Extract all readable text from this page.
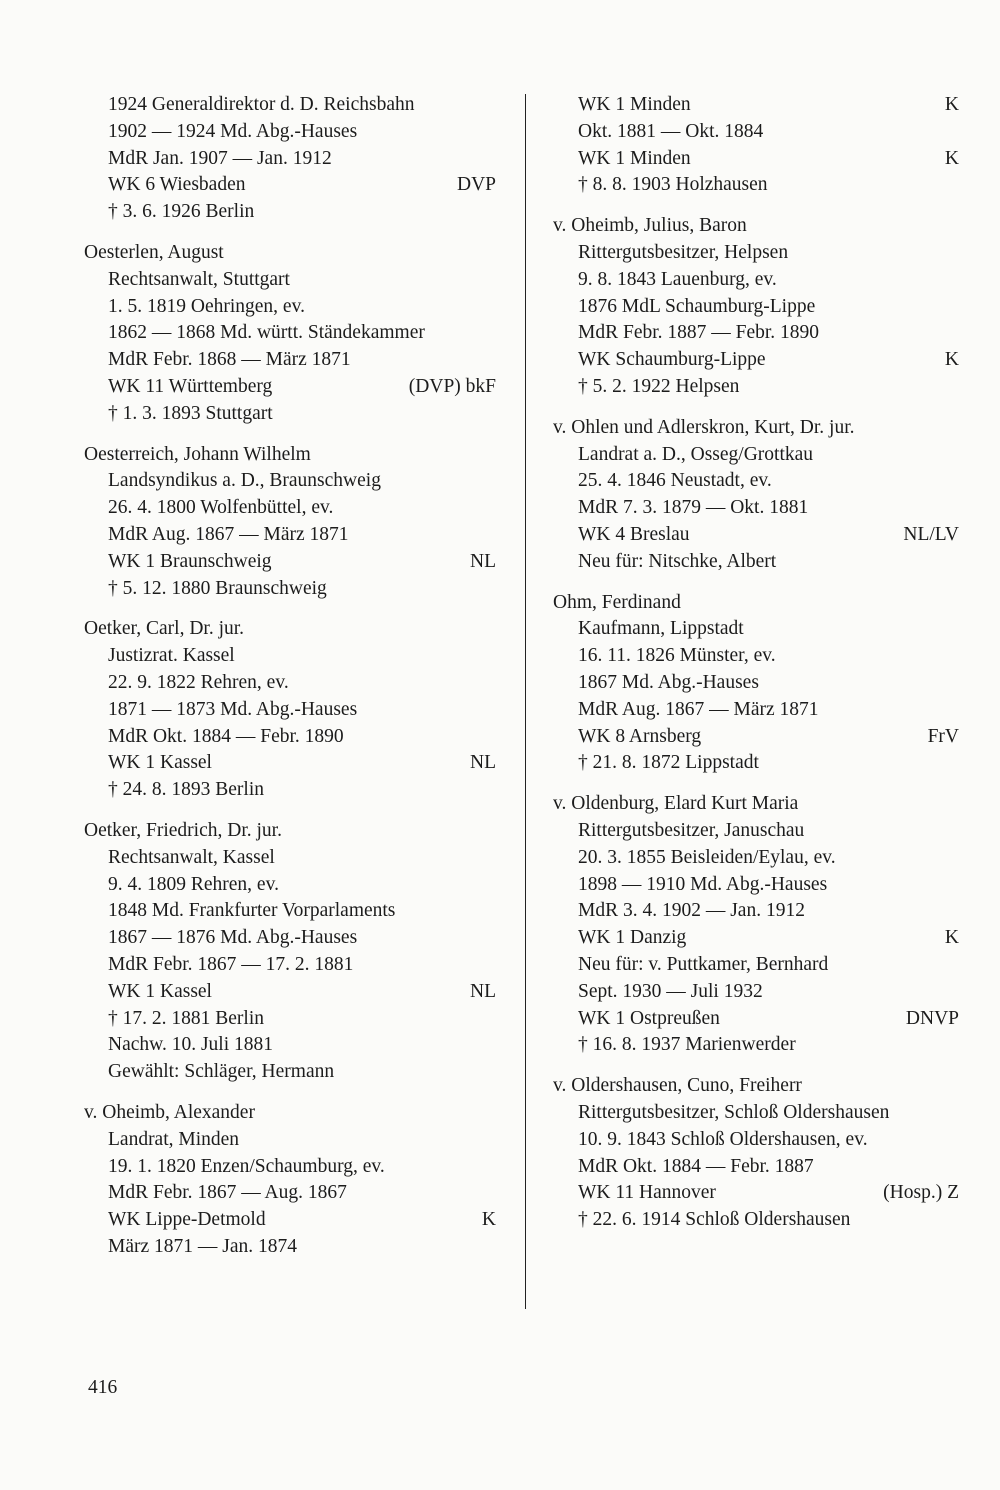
1924 Generaldirektor d. D. Reichsbahn
1902 — 1924 Md. Abg.-Hauses
MdR Jan. 1907 — Jan. 1912
WK 6 Wiesbaden	DVP
† 3. 6. 1926 Berlin
Oesterlen, August
Rechtsanwalt, Stuttgart
1. 5. 1819 Oehringen, ev.
1862 — 1868 Md. württ. Ständekammer
MdR Febr. 1868 — März 1871
WK 11 Württemberg	(DVP) bkF
† 1. 3. 1893 Stuttgart
Oesterreich, Johann Wilhelm
Landsyndikus a. D., Braunschweig
26. 4. 1800 Wolfenbüttel, ev.
MdR Aug. 1867 — März 1871
WK 1 Braunschweig	NL
† 5. 12. 1880 Braunschweig
Oetker, Carl, Dr. jur.
Justizrat. Kassel
22. 9. 1822 Rehren, ev.
1871 — 1873 Md. Abg.-Hauses
MdR Okt. 1884 — Febr. 1890
WK 1 Kassel	NL
† 24. 8. 1893 Berlin
Oetker, Friedrich, Dr. jur.
Rechtsanwalt, Kassel
9. 4. 1809 Rehren, ev.
1848 Md. Frankfurter Vorparlaments
1867 — 1876 Md. Abg.-Hauses
MdR Febr. 1867 — 17. 2. 1881
WK 1 Kassel	NL
† 17. 2. 1881 Berlin
Nachw. 10. Juli 1881
Gewählt: Schläger, Hermann
v. Oheimb, Alexander
Landrat, Minden
19. 1. 1820 Enzen/Schaumburg, ev.
MdR Febr. 1867 — Aug. 1867
WK Lippe-Detmold	K
März 1871 — Jan. 1874
WK 1 Minden	K
Okt. 1881 — Okt. 1884
WK 1 Minden	K
† 8. 8. 1903 Holzhausen
v. Oheimb, Julius, Baron
Rittergutsbesitzer, Helpsen
9. 8. 1843 Lauenburg, ev.
1876 MdL Schaumburg-Lippe
MdR Febr. 1887 — Febr. 1890
WK Schaumburg-Lippe	K
† 5. 2. 1922 Helpsen
v. Ohlen und Adlerskron, Kurt, Dr. jur.
Landrat a. D., Osseg/Grottkau
25. 4. 1846 Neustadt, ev.
MdR 7. 3. 1879 — Okt. 1881
WK 4 Breslau	NL/LV
Neu für: Nitschke, Albert
Ohm, Ferdinand
Kaufmann, Lippstadt
16. 11. 1826 Münster, ev.
1867 Md. Abg.-Hauses
MdR Aug. 1867 — März 1871
WK 8 Arnsberg	FrV
† 21. 8. 1872 Lippstadt
v. Oldenburg, Elard Kurt Maria
Rittergutsbesitzer, Januschau
20. 3. 1855 Beisleiden/Eylau, ev.
1898 — 1910 Md. Abg.-Hauses
MdR 3. 4. 1902 — Jan. 1912
WK 1 Danzig	K
Neu für: v. Puttkamer, Bernhard
Sept. 1930 — Juli 1932
WK 1 Ostpreußen	DNVP
† 16. 8. 1937 Marienwerder
v. Oldershausen, Cuno, Freiherr
Rittergutsbesitzer, Schloß Oldershausen
10. 9. 1843 Schloß Oldershausen, ev.
MdR Okt. 1884 — Febr. 1887
WK 11 Hannover	(Hosp.) Z
† 22. 6. 1914 Schloß Oldershausen
416
